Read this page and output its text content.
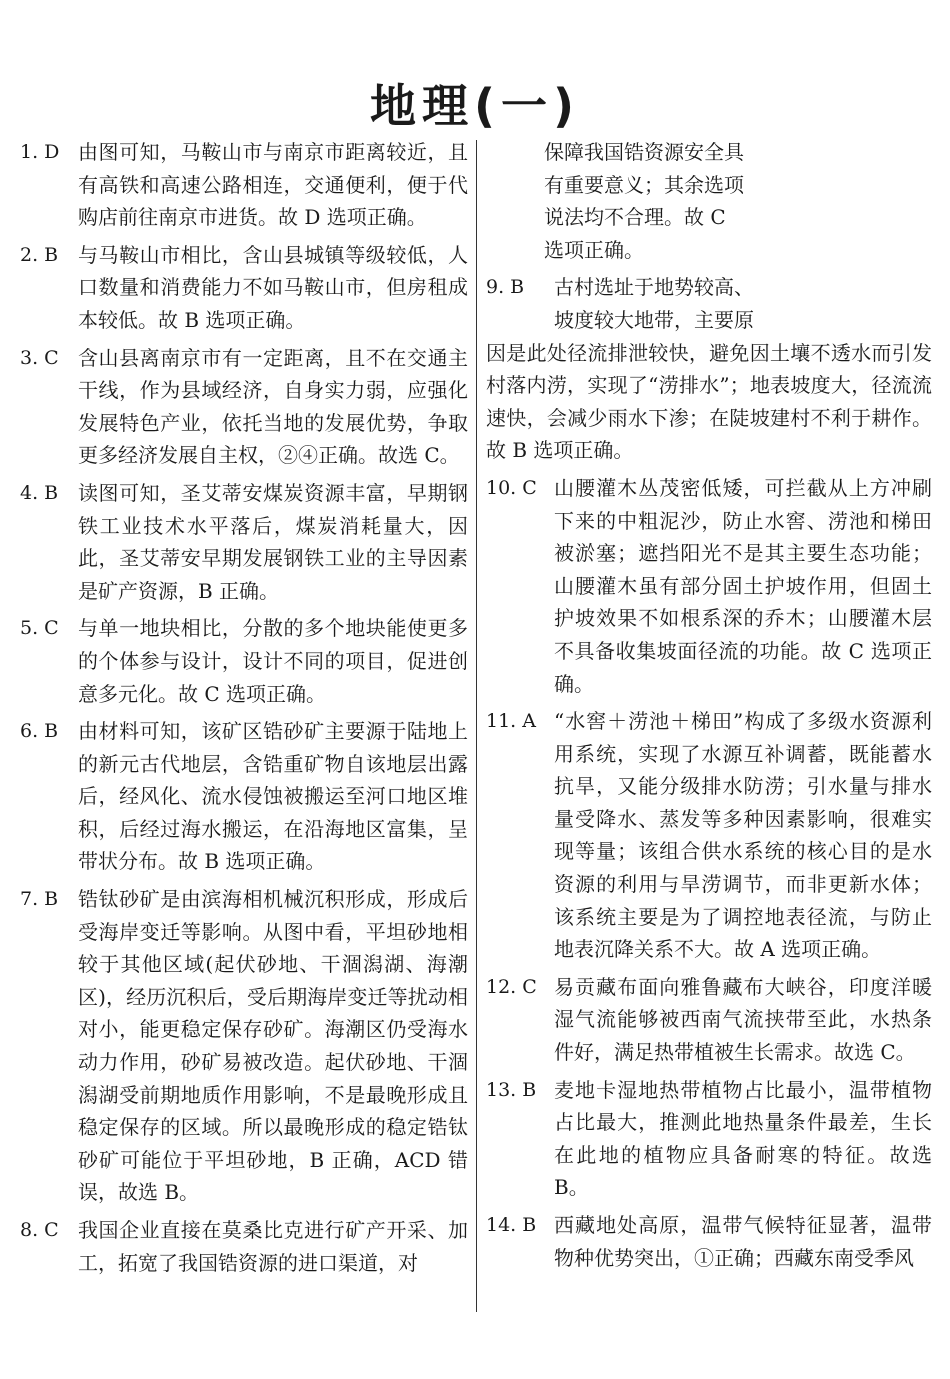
地理(一)
1. D 由图可知，马鞍山市与南京市距离较近，且有高铁和高速公路相连，交通便利，便于代购店前往南京市进货。故 D 选项正确。
2. B 与马鞍山市相比，含山县城镇等级较低，人口数量和消费能力不如马鞍山市，但房租成本较低。故 B 选项正确。
3. C 含山县离南京市有一定距离，且不在交通主干线，作为县域经济，自身实力弱，应强化发展特色产业，依托当地的发展优势，争取更多经济发展自主权，②④正确。故选 C。
4. B 读图可知，圣艾蒂安煤炭资源丰富，早期钢铁工业技术水平落后，煤炭消耗量大，因此，圣艾蒂安早期发展钢铁工业的主导因素是矿产资源，B 正确。
5. C 与单一地块相比，分散的多个地块能使更多的个体参与设计，设计不同的项目，促进创意多元化。故 C 选项正确。
6. B 由材料可知，该矿区锆砂矿主要源于陆地上的新元古代地层，含锆重矿物自该地层出露后，经风化、流水侵蚀被搬运至河口地区堆积，后经过海水搬运，在沿海地区富集，呈带状分布。故 B 选项正确。
7. B 锆钛砂矿是由滨海相机械沉积形成，形成后受海岸变迁等影响。从图中看，平坦砂地相较于其他区域(起伏砂地、干涸潟湖、海潮区)，经历沉积后，受后期海岸变迁等扰动相对小，能更稳定保存砂矿。海潮区仍受海水动力作用，砂矿易被改造。起伏砂地、干涸潟湖受前期地质作用影响，不是最晚形成且稳定保存的区域。所以最晚形成的稳定锆钛砂矿可能位于平坦砂地，B 正确，ACD 错误，故选 B。
8. C 我国企业直接在莫桑比克进行矿产开采、加工，拓宽了我国锆资源的进口渠道，对
保障我国锆资源安全具
有重要意义；其余选项
说法均不合理。故 C
选项正确。
9. B	古村选址于地势较高、
坡度较大地带，主要原
因是此处径流排泄较快，避免因土壤不透水而引发村落内涝，实现了“涝排水”；地表坡度大，径流流速快，会减少雨水下渗；在陡坡建村不利于耕作。故 B 选项正确。
10. C 山腰灌木丛茂密低矮，可拦截从上方冲刷下来的中粗泥沙，防止水窖、涝池和梯田被淤塞；遮挡阳光不是其主要生态功能；山腰灌木虽有部分固土护坡作用，但固土护坡效果不如根系深的乔木；山腰灌木层不具备收集坡面径流的功能。故 C 选项正确。
11. A “水窖＋涝池＋梯田”构成了多级水资源利用系统，实现了水源互补调蓄，既能蓄水抗旱，又能分级排水防涝；引水量与排水量受降水、蒸发等多种因素影响，很难实现等量；该组合供水系统的核心目的是水资源的利用与旱涝调节，而非更新水体；该系统主要是为了调控地表径流，与防止地表沉降关系不大。故 A 选项正确。
12. C 易贡藏布面向雅鲁藏布大峡谷，印度洋暖湿气流能够被西南气流挟带至此，水热条件好，满足热带植被生长需求。故选 C。
13. B 麦地卡湿地热带植物占比最小，温带植物占比最大，推测此地热量条件最差，生长在此地的植物应具备耐寒的特征。故选 B。
14. B 西藏地处高原，温带气候特征显著，温带物种优势突出，①正确；西藏东南受季风
